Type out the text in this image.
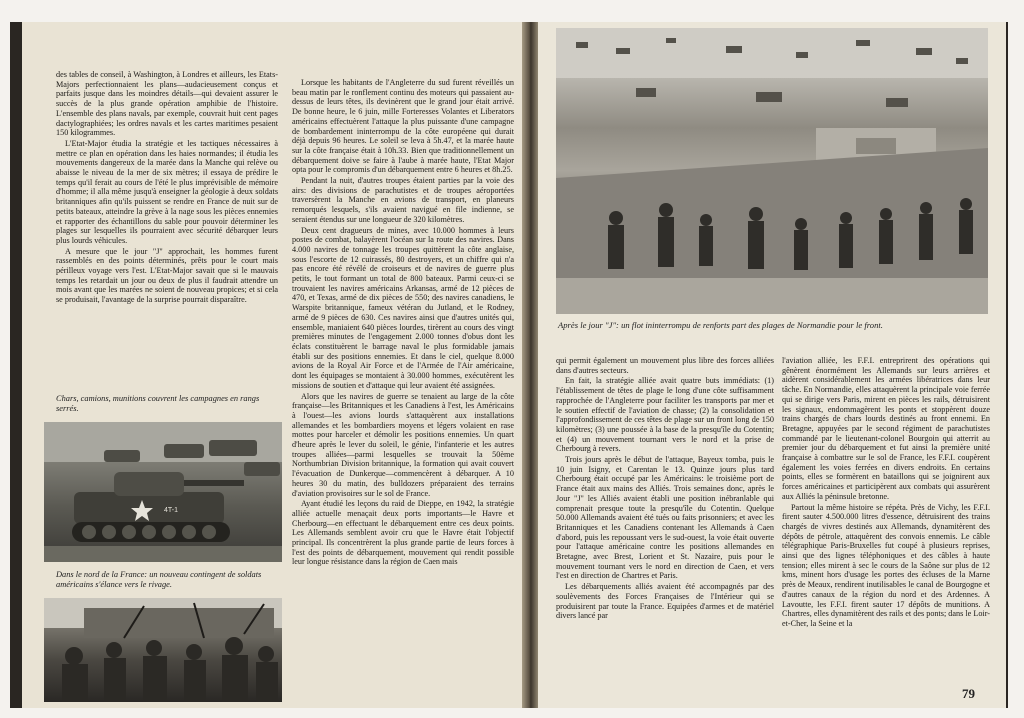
des tables de conseil, à Washington, à Londres et ailleurs, les Etats-Majors perfectionnaient les plans—audacieusement conçus et parfaits jusque dans les moindres détails—qui devaient assurer le succès de la plus grande opération amphibie de l'histoire. L'ensemble des plans navals, par exemple, couvrait huit cent pages dactylographiées; les ordres navals et les cartes maritimes pesaient 150 kilogrammes.

L'Etat-Major étudia la stratégie et les tactiques nécessaires à mettre ce plan en opération dans les haies normandes; il étudia les mouvements dangereux de la marée dans la Manche qui relève ou abaisse le niveau de la mer de six mètres; il essaya de prédire le temps qu'il ferait au cours de l'été le plus imprévisible de mémoire d'homme; il alla même jusqu'à enseigner la géologie à deux soldats britanniques afin qu'ils puissent se rendre en France de nuit sur de petits bateaux, atteindre la grève à la nage sous les pièces ennemies et rapporter des échantillons du sable pour pouvoir déterminer les plages sur lesquelles ils pourraient avec sécurité débarquer leurs plus lourds véhicules.

A mesure que le jour "J" approchait, les hommes furent rassemblés en des points déterminés, prêts pour le court mais périlleux voyage vers l'est. L'Etat-Major savait que si le mauvais temps les retardait un jour ou deux de plus il faudrait attendre un mois avant que les marées ne soient de nouveau propices; et si cela se produisait, l'avantage de la surprise pourrait disparaître.

Chars, camions, munitions couvrent les campagnes en rangs serrés.
4T-1
Dans le nord de la France: un nouveau contingent de soldats américains s'élance vers le rivage.

Lorsque les habitants de l'Angleterre du sud furent réveillés un beau matin par le ronflement continu des moteurs qui passaient au-dessus de leurs têtes, ils devinèrent que le grand jour était arrivé. De bonne heure, le 6 juin, mille Forteresses Volantes et Liberators américains effectuèrent l'attaque la plus puissante d'une campagne de bombardement ininterrompu de la côte européene qui durait déjà depuis 96 heures. Le soleil se leva à 5h.47, et la marée haute sur la côte française était à 10h.33. Bien que traditionnellement un débarquement doive se faire à l'aube à marée haute, l'Etat Major opta pour le compromis d'un débarquement entre 6 heures et 8h.25.

Pendant la nuit, d'autres troupes étaient parties par la voie des airs: des divisions de parachutistes et de troupes aéroportées traversèrent la Manche en avions de transport, en planeurs remorqués lesquels, s'ils avaient navigué en file indienne, se seraient étendus sur une longueur de 320 kilomètres.

Deux cent dragueurs de mines, avec 10.000 hommes à leurs postes de combat, balayèrent l'océan sur la route des navires. Dans 4.000 navires de tonnage les troupes quittèrent la côte anglaise, sous l'escorte de 12 cuirassés, 80 destroyers, et un chiffre qui n'a pas encore été révélé de croiseurs et de navires de guerre plus petits, le tout formant un total de 800 bateaux. Parmi ceux-ci se trouvaient les navires américains Arkansas, armé de 12 pièces de 470, et Texas, armé de dix pièces de 550; des navires canadiens, le Warspite britannique, fameux vétéran du Jutland, et le Rodney, armé de 9 pièces de 630. Ces navires ainsi que d'autres unités qui, ensemble, maniaient 640 pièces lourdes, tirèrent au cours des vingt premières minutes de l'engagement 2.000 tonnes d'obus dont les éclats constituèrent le barrage naval le plus formidable jamais établi sur des positions ennemies. Et dans le ciel, quelque 8.000 avions de la Royal Air Force et de l'Armée de l'Air américaine, dont les équipages se montaient à 30.000 hommes, exécutèrent les missions de soutien et d'attaque qui leur avaient été assignées.

Alors que les navires de guerre se tenaient au large de la côte française—les Britanniques et les Canadiens à l'est, les Américains à l'ouest—les avions lourds s'attaquèrent aux installations allemandes et les bombardiers moyens et légers volaient en rase mottes pour harceler et démolir les positions ennemies. Un quart d'heure après le lever du soleil, le génie, l'infanterie et les autres troupes alliées—parmi lesquelles se trouvait la 50ème Northumbrian Division britannique, la formation qui avait couvert l'évacuation de Dunkerque—commencèrent à débarquer. A 10 heures 30 du matin, des bulldozers préparaient des terrains d'aviation provisoires sur le sol de France.

Ayant étudié les leçons du raid de Dieppe, en 1942, la stratégie alliée actuelle menaçait deux ports importants—le Havre et Cherbourg—en effectuant le débarquement entre ces deux points. Les Allemands semblent avoir cru que le Havre était l'objectif principal. Ils concentrèrent la plus grande partie de leurs forces à l'est des points de débarquement, mouvement qui rendit possible leur longue résistance dans la région de Caen mais

Après le jour "J": un flot ininterrompu de renforts part des plages de Normandie pour le front.

qui permit également un mouvement plus libre des forces alliées dans d'autres secteurs.

En fait, la stratégie alliée avait quatre buts immédiats: (1) l'établissement de têtes de plage le long d'une côte suffisamment rapprochée de l'Angleterre pour faciliter les transports par mer et le soutien effectif de l'aviation de chasse; (2) la consolidation et l'approfondissement de ces têtes de plage sur un front long de 150 kilomètres; (3) une poussée à la base de la presqu'île du Cotentin; et (4) un mouvement tournant vers le nord et la prise de Cherbourg à revers.

Trois jours après le début de l'attaque, Bayeux tomba, puis le 10 juin Isigny, et Carentan le 13. Quinze jours plus tard Cherbourg était occupé par les Américains: le troisième port de France était aux mains des Alliés. Trois semaines donc, après le Jour "J" les Alliés avaient établi une position inébranlable qui comprenait presque toute la presqu'île du Cotentin. Quelque 50.000 Allemands avaient été tués ou faits prisonniers; et avec les Britanniques et les Canadiens contenant les Allemands à Caen d'abord, puis les repoussant vers le sud-ouest, la voie était ouverte pour l'attaque américaine contre les positions allemandes en Bretagne, avec Brest, Lorient et St. Nazaire, puis pour le mouvement tournant vers le nord en direction de Caen, et vers l'est en direction de Chartres et Paris.

Les débarquements alliés avaient été accompagnés par des soulèvements des Forces Françaises de l'Intérieur qui se produisirent par toute la France. Equipées d'armes et de matériel divers lancé par

l'aviation alliée, les F.F.I. entreprirent des opérations qui gênèrent énormément les Allemands sur leurs arrières et aidèrent considérablement les armées libératrices dans leur tâche. En Normandie, elles attaquèrent la principale voie ferrée qui se dirige vers Paris, mirent en pièces les rails, détruisirent les signaux, endommagèrent les ponts et stoppèrent douze trains chargés de chars lourds destinés au front ennemi. En Bretagne, appuyées par le second régiment de parachutistes commandé par le lieutenant-colonel Bourgoin qui atterrit au premier jour du débarquement et fut ainsi la première unité française à combattre sur le sol de France, les F.F.I. coupèrent également les voies ferrées en divers endroits. En certains points, elles se formèrent en bataillons qui se joignirent aux forces américaines et participèrent aux combats qui assurèrent aux Alliés la péninsule bretonne.

Partout la même histoire se répéta. Près de Vichy, les F.F.I. firent sauter 4.500.000 litres d'essence, détruisirent des trains chargés de vivres destinés aux Allemands, dynamitèrent des dépôts de pétrole, attaquèrent des convois ennemis. Le câble télégraphique Paris-Bruxelles fut coupé à plusieurs reprises, ainsi que des lignes téléphoniques et des câbles à haute tension; elles mirent à sec le cours de la Saône sur plus de 12 kms, minent hors d'usage les portes des écluses de la Marne près de Meaux, rendirent inutilisables le canal de Bourgogne et d'autres canaux de la région du nord et des Ardennes. A Lavoutte, les F.F.I. firent sauter 17 dépôts de munitions. A Chartres, elles dynamitèrent des rails et des ponts; dans le Loir-et-Cher, la Seine et la

79
